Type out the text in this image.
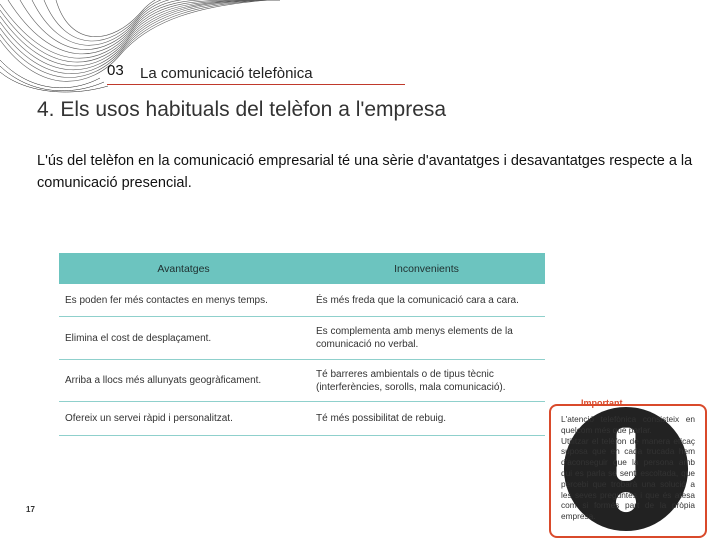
03 La comunicació telefònica
4. Els usos habituals del telèfon a l'empresa
L'ús del telèfon en la comunicació empresarial té una sèrie d'avantatges i desavantatges respecte a la comunicació presencial.
Avantatges	Inconvenients
Es poden fer més contactes en menys temps.	És més freda que la comunicació cara a cara.
Elimina el cost de desplaçament.	Es complementa amb menys elements de la comunicació no verbal.
Arriba a llocs més allunyats geogràficament.	Té barreres ambientals o de tipus tècnic (interferències, sorolls, mala comunicació).
Ofereix un servei ràpid i personalitzat.	Té més possibilitat de rebuig.
17
Important

L'atenció telefònica consisteix en quelcom més que parlar.

Utilitzar el telèfon de manera eficaç suposa que en cada trucada hem d'aconseguir que la persona amb qui es parla se senti escoltada, que percebi que trobarà una solució a les seves preguntes i que és atesa com si formés part de la pròpia empresa.
